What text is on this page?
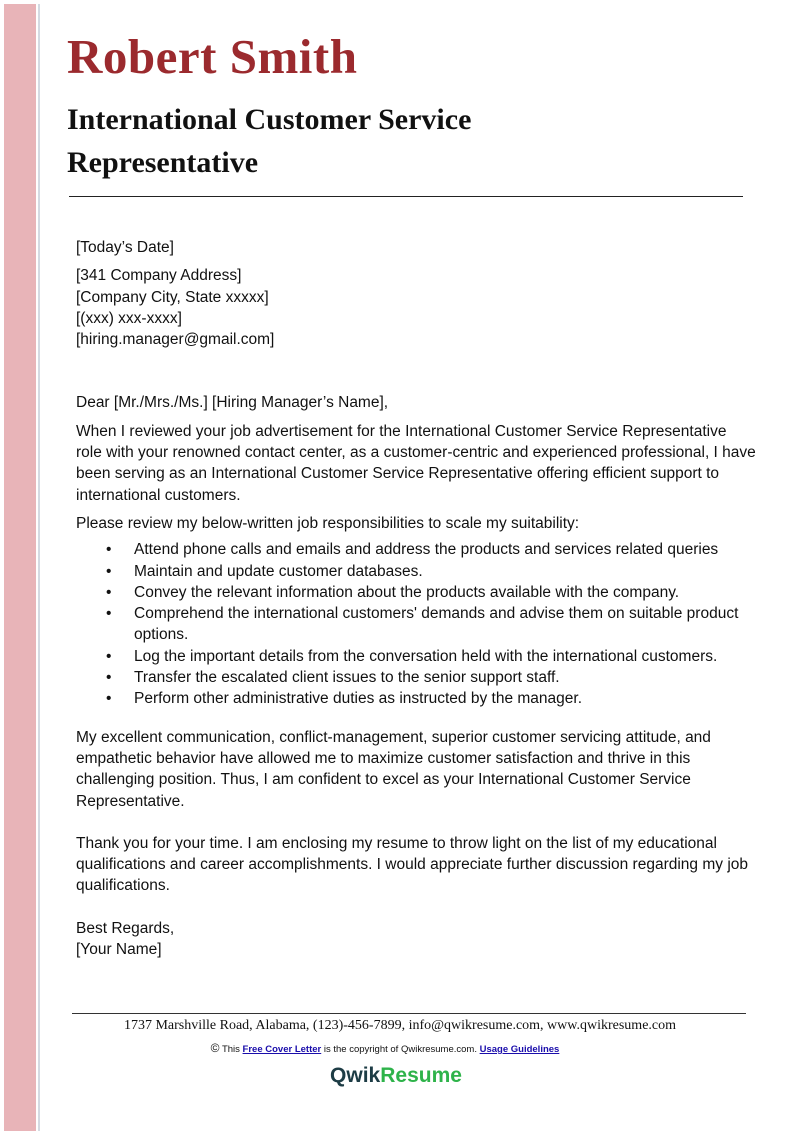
Robert Smith
International Customer Service
Representative

[Today’s Date]

[341 Company Address]

[Company City, State xxxxx]

[(xxx) xxx-xxxx]

[hiring.manager@gmail.com]

Dear [Mr./Mrs./Ms.] [Hiring Manager’s Name],

When I reviewed your job advertisement for the International Customer Service Representative role with your renowned contact center, as a customer-centric and experienced professional, I have been serving as an International Customer Service Representative offering efficient support to international customers.

Please review my below-written job responsibilities to scale my suitability:

• Attend phone calls and emails and address the products and services related queries
• Maintain and update customer databases.
• Convey the relevant information about the products available with the company.
• Comprehend the international customers' demands and advise them on suitable product options.
• Log the important details from the conversation held with the international customers.
• Transfer the escalated client issues to the senior support staff.
• Perform other administrative duties as instructed by the manager.

My excellent communication, conflict-management, superior customer servicing attitude, and empathetic behavior have allowed me to maximize customer satisfaction and thrive in this challenging position. Thus, I am confident to excel as your International Customer Service Representative.

Thank you for your time. I am enclosing my resume to throw light on the list of my educational qualifications and career accomplishments. I would appreciate further discussion regarding my job qualifications.

Best Regards,

[Your Name]

1737 Marshville Road, Alabama, (123)-456-7899, info@qwikresume.com, www.qwikresume.com
© This Free Cover Letter is the copyright of Qwikresume.com. Usage Guidelines
QwikResume
